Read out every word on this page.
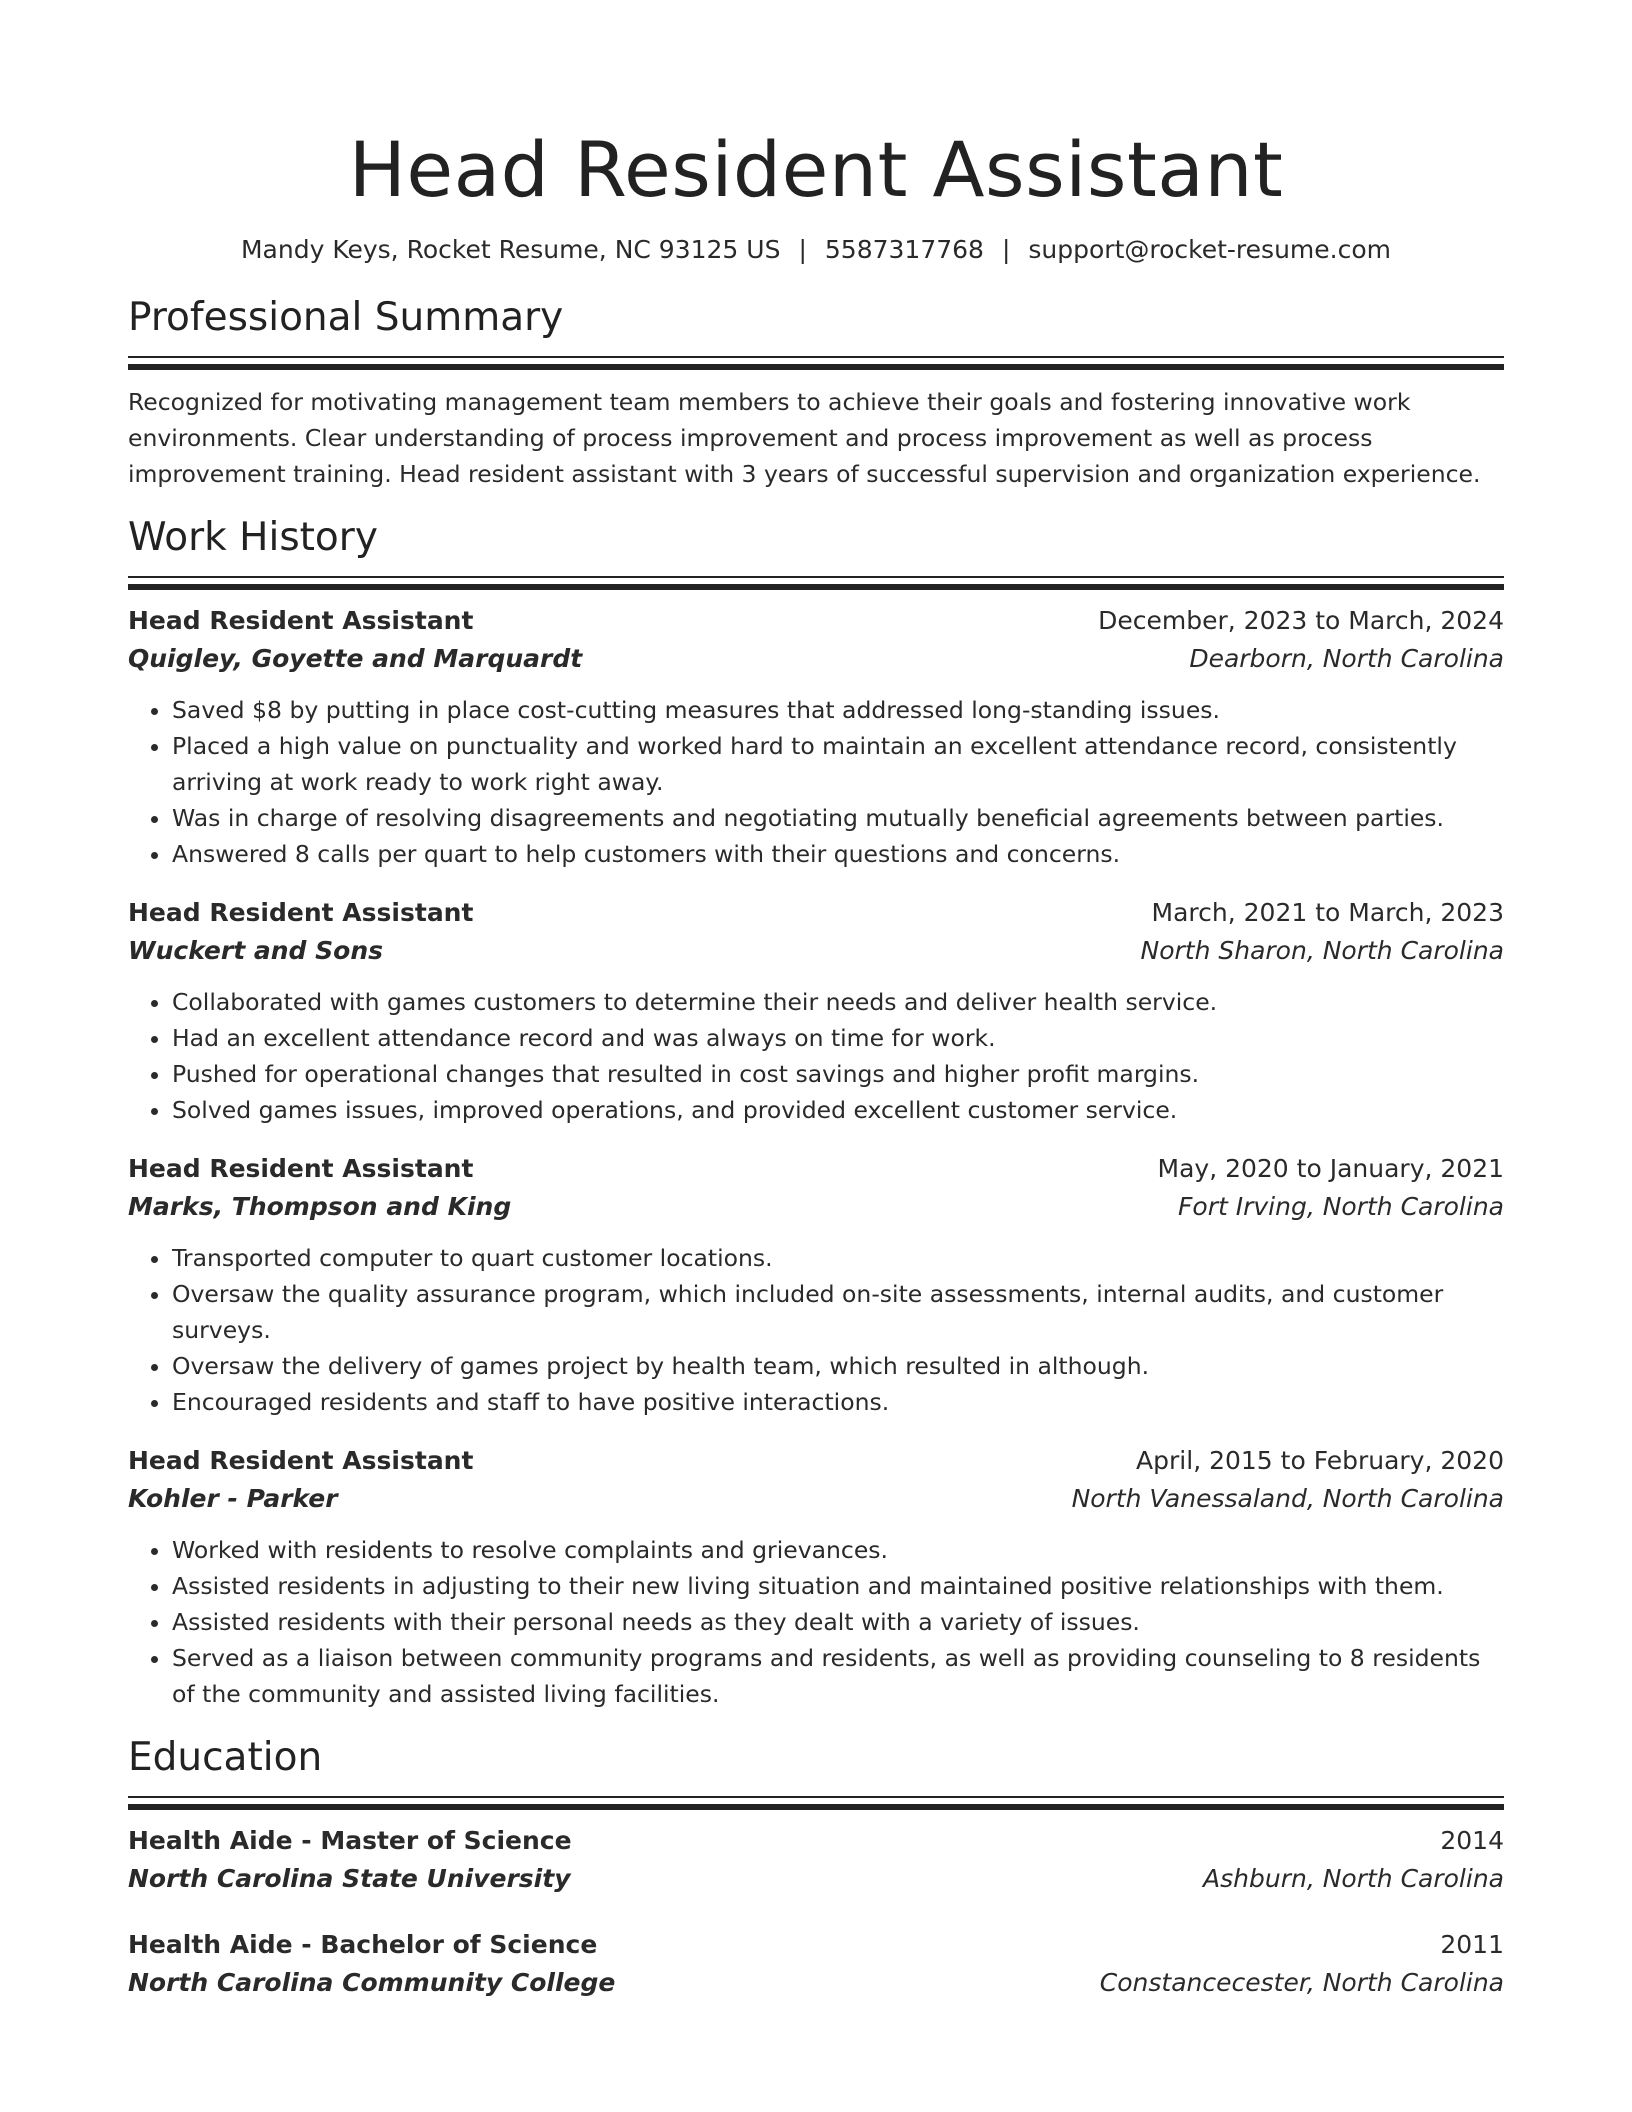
Head Resident Assistant
Mandy Keys, Rocket Resume, NC 93125 US | 5587317768 | support@rocket-resume.com
Professional Summary
Recognized for motivating management team members to achieve their goals and fostering innovative work environments. Clear understanding of process improvement and process improvement as well as process improvement training. Head resident assistant with 3 years of successful supervision and organization experience.
Work History
Head Resident Assistant	December, 2023 to March, 2024
Quigley, Goyette and Marquardt	Dearborn, North Carolina
• Saved $8 by putting in place cost-cutting measures that addressed long-standing issues.
• Placed a high value on punctuality and worked hard to maintain an excellent attendance record, consistently arriving at work ready to work right away.
• Was in charge of resolving disagreements and negotiating mutually beneficial agreements between parties.
• Answered 8 calls per quart to help customers with their questions and concerns.
Head Resident Assistant	March, 2021 to March, 2023
Wuckert and Sons	North Sharon, North Carolina
• Collaborated with games customers to determine their needs and deliver health service.
• Had an excellent attendance record and was always on time for work.
• Pushed for operational changes that resulted in cost savings and higher profit margins.
• Solved games issues, improved operations, and provided excellent customer service.
Head Resident Assistant	May, 2020 to January, 2021
Marks, Thompson and King	Fort Irving, North Carolina
• Transported computer to quart customer locations.
• Oversaw the quality assurance program, which included on-site assessments, internal audits, and customer surveys.
• Oversaw the delivery of games project by health team, which resulted in although.
• Encouraged residents and staff to have positive interactions.
Head Resident Assistant	April, 2015 to February, 2020
Kohler - Parker	North Vanessaland, North Carolina
• Worked with residents to resolve complaints and grievances.
• Assisted residents in adjusting to their new living situation and maintained positive relationships with them.
• Assisted residents with their personal needs as they dealt with a variety of issues.
• Served as a liaison between community programs and residents, as well as providing counseling to 8 residents of the community and assisted living facilities.
Education
Health Aide - Master of Science	2014
North Carolina State University	Ashburn, North Carolina
Health Aide - Bachelor of Science	2011
North Carolina Community College	Constancecester, North Carolina
